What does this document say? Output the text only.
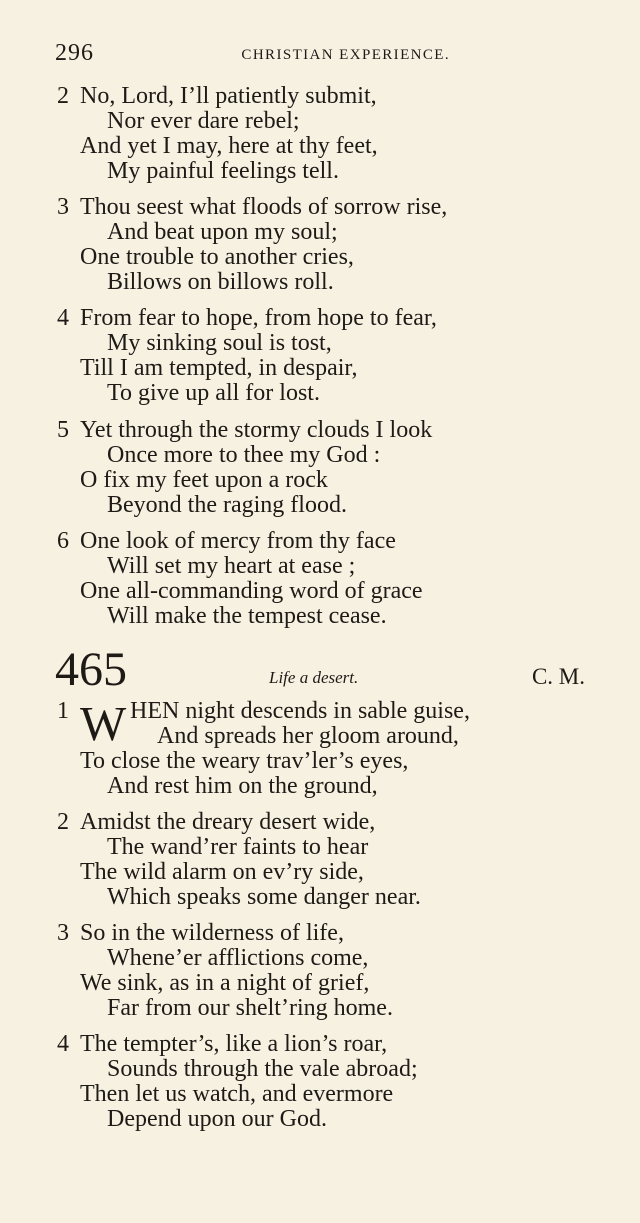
296	CHRISTIAN EXPERIENCE.
2 No, Lord, I’ll patiently submit,
Nor ever dare rebel;
And yet I may, here at thy feet,
My painful feelings tell.
3 Thou seest what floods of sorrow rise,
And beat upon my soul;
One trouble to another cries,
Billows on billows roll.
4 From fear to hope, from hope to fear,
My sinking soul is tost,
Till I am tempted, in despair,
To give up all for lost.
5 Yet through the stormy clouds I look
Once more to thee my God :
O fix my feet upon a rock
Beyond the raging flood.
6 One look of mercy from thy face
Will set my heart at ease ;
One all-commanding word of grace
Will make the tempest cease.
465	Life a desert.	C. M.
1 W HEN night descends in sable guise,
And spreads her gloom around,
To close the weary trav’ler’s eyes,
And rest him on the ground,
2 Amidst the dreary desert wide,
The wand’rer faints to hear
The wild alarm on ev’ry side,
Which speaks some danger near.
3 So in the wilderness of life,
Whene’er afflictions come,
We sink, as in a night of grief,
Far from our shelt’ring home.
4 The tempter’s, like a lion’s roar,
Sounds through the vale abroad;
Then let us watch, and evermore
Depend upon our God.
